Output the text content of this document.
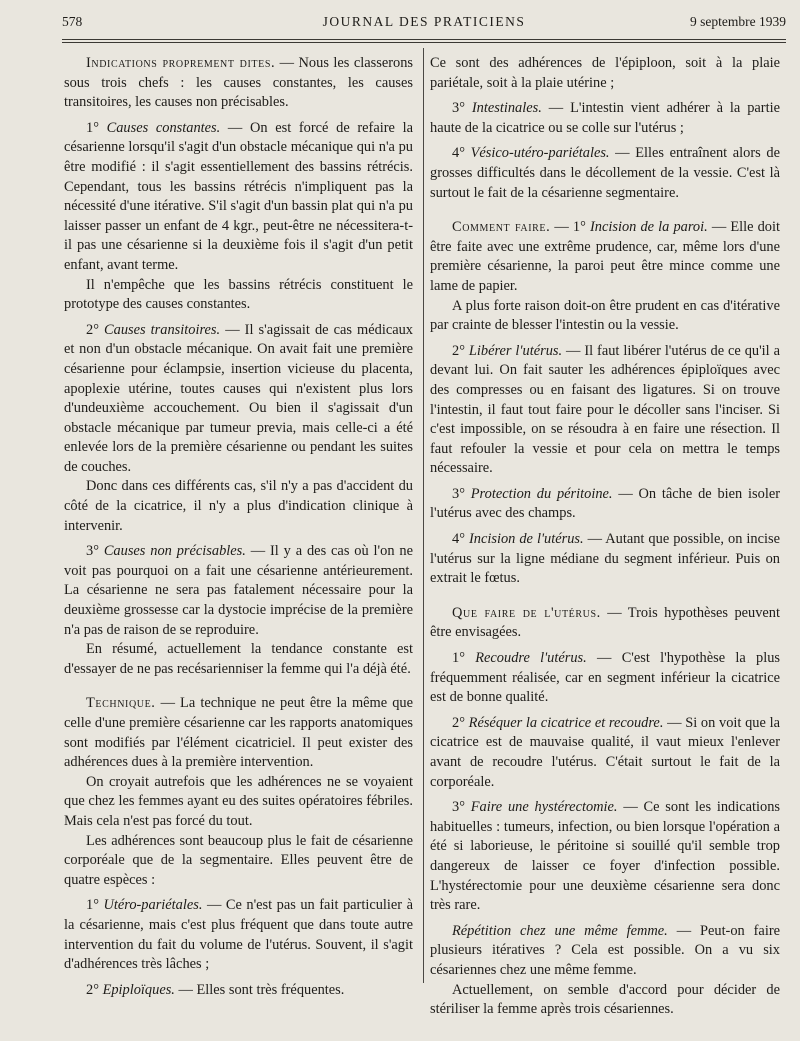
578	JOURNAL DES PRATICIENS	9 septembre 1939

Indications proprement dites. — Nous les classerons sous trois chefs : les causes constantes, les causes transitoires, les causes non précisables.

1° Causes constantes. — On est forcé de refaire la césarienne lorsqu'il s'agit d'un obstacle mécanique qui n'a pu être modifié : il s'agit essentiellement des bassins rétrécis. Cependant, tous les bassins rétrécis n'impliquent pas la nécessité d'une itérative. S'il s'agit d'un bassin plat qui n'a pu laisser passer un enfant de 4 kgr., peut-être ne nécessitera-t-il pas une césarienne si la deuxième fois il s'agit d'un petit enfant, avant terme.

Il n'empêche que les bassins rétrécis constituent le prototype des causes constantes.

2° Causes transitoires. — Il s'agissait de cas médicaux et non d'un obstacle mécanique. On avait fait une première césarienne pour éclampsie, insertion vicieuse du placenta, apoplexie utérine, toutes causes qui n'existent plus lors d'undeuxième accouchement. Ou bien il s'agissait d'un obstacle mécanique par tumeur previa, mais celle-ci a été enlevée lors de la première césarienne ou pendant les suites de couches.

Donc dans ces différents cas, s'il n'y a pas d'accident du côté de la cicatrice, il n'y a plus d'indication clinique à intervenir.

3° Causes non précisables. — Il y a des cas où l'on ne voit pas pourquoi on a fait une césarienne antérieurement. La césarienne ne sera pas fatalement nécessaire pour la deuxième grossesse car la dystocie imprécise de la première n'a pas de raison de se reproduire.

En résumé, actuellement la tendance constante est d'essayer de ne pas recésarienniser la femme qui l'a déjà été.

Technique. — La technique ne peut être la même que celle d'une première césarienne car les rapports anatomiques sont modifiés par l'élément cicatriciel. Il peut exister des adhérences dues à la première intervention.

On croyait autrefois que les adhérences ne se voyaient que chez les femmes ayant eu des suites opératoires fébriles. Mais cela n'est pas forcé du tout.

Les adhérences sont beaucoup plus le fait de césarienne corporéale que de la segmentaire. Elles peuvent être de quatre espèces :

1° Utéro-pariétales. — Ce n'est pas un fait particulier à la césarienne, mais c'est plus fréquent que dans toute autre intervention du fait du volume de l'utérus. Souvent, il s'agit d'adhérences très lâches ;

2° Epiploïques. — Elles sont très fréquentes.

Ce sont des adhérences de l'épiploon, soit à la plaie pariétale, soit à la plaie utérine ;

3° Intestinales. — L'intestin vient adhérer à la partie haute de la cicatrice ou se colle sur l'utérus ;

4° Vésico-utéro-pariétales. — Elles entraînent alors de grosses difficultés dans le décollement de la vessie. C'est là surtout le fait de la césarienne segmentaire.

Comment faire. — 1° Incision de la paroi. — Elle doit être faite avec une extrême prudence, car, même lors d'une première césarienne, la paroi peut être mince comme une lame de papier.

A plus forte raison doit-on être prudent en cas d'itérative par crainte de blesser l'intestin ou la vessie.

2° Libérer l'utérus. — Il faut libérer l'utérus de ce qu'il a devant lui. On fait sauter les adhérences épiploïques avec des compresses ou en faisant des ligatures. Si on trouve l'intestin, il faut tout faire pour le décoller sans l'inciser. Si c'est impossible, on se résoudra à en faire une résection. Il faut refouler la vessie et pour cela on mettra le temps nécessaire.

3° Protection du péritoine. — On tâche de bien isoler l'utérus avec des champs.

4° Incision de l'utérus. — Autant que possible, on incise l'utérus sur la ligne médiane du segment inférieur. Puis on extrait le fœtus.

Que faire de l'utérus. — Trois hypothèses peuvent être envisagées.

1° Recoudre l'utérus. — C'est l'hypothèse la plus fréquemment réalisée, car en segment inférieur la cicatrice est de bonne qualité.

2° Réséquer la cicatrice et recoudre. — Si on voit que la cicatrice est de mauvaise qualité, il vaut mieux l'enlever avant de recoudre l'utérus. C'était surtout le fait de la corporéale.

3° Faire une hystérectomie. — Ce sont les indications habituelles : tumeurs, infection, ou bien lorsque l'opération a été si laborieuse, le péritoine si souillé qu'il semble trop dangereux de laisser ce foyer d'infection possible. L'hystérectomie pour une deuxième césarienne sera donc très rare.

Répétition chez une même femme. — Peut-on faire plusieurs itératives ? Cela est possible. On a vu six césariennes chez une même femme.

Actuellement, on semble d'accord pour décider de stériliser la femme après trois césariennes.
